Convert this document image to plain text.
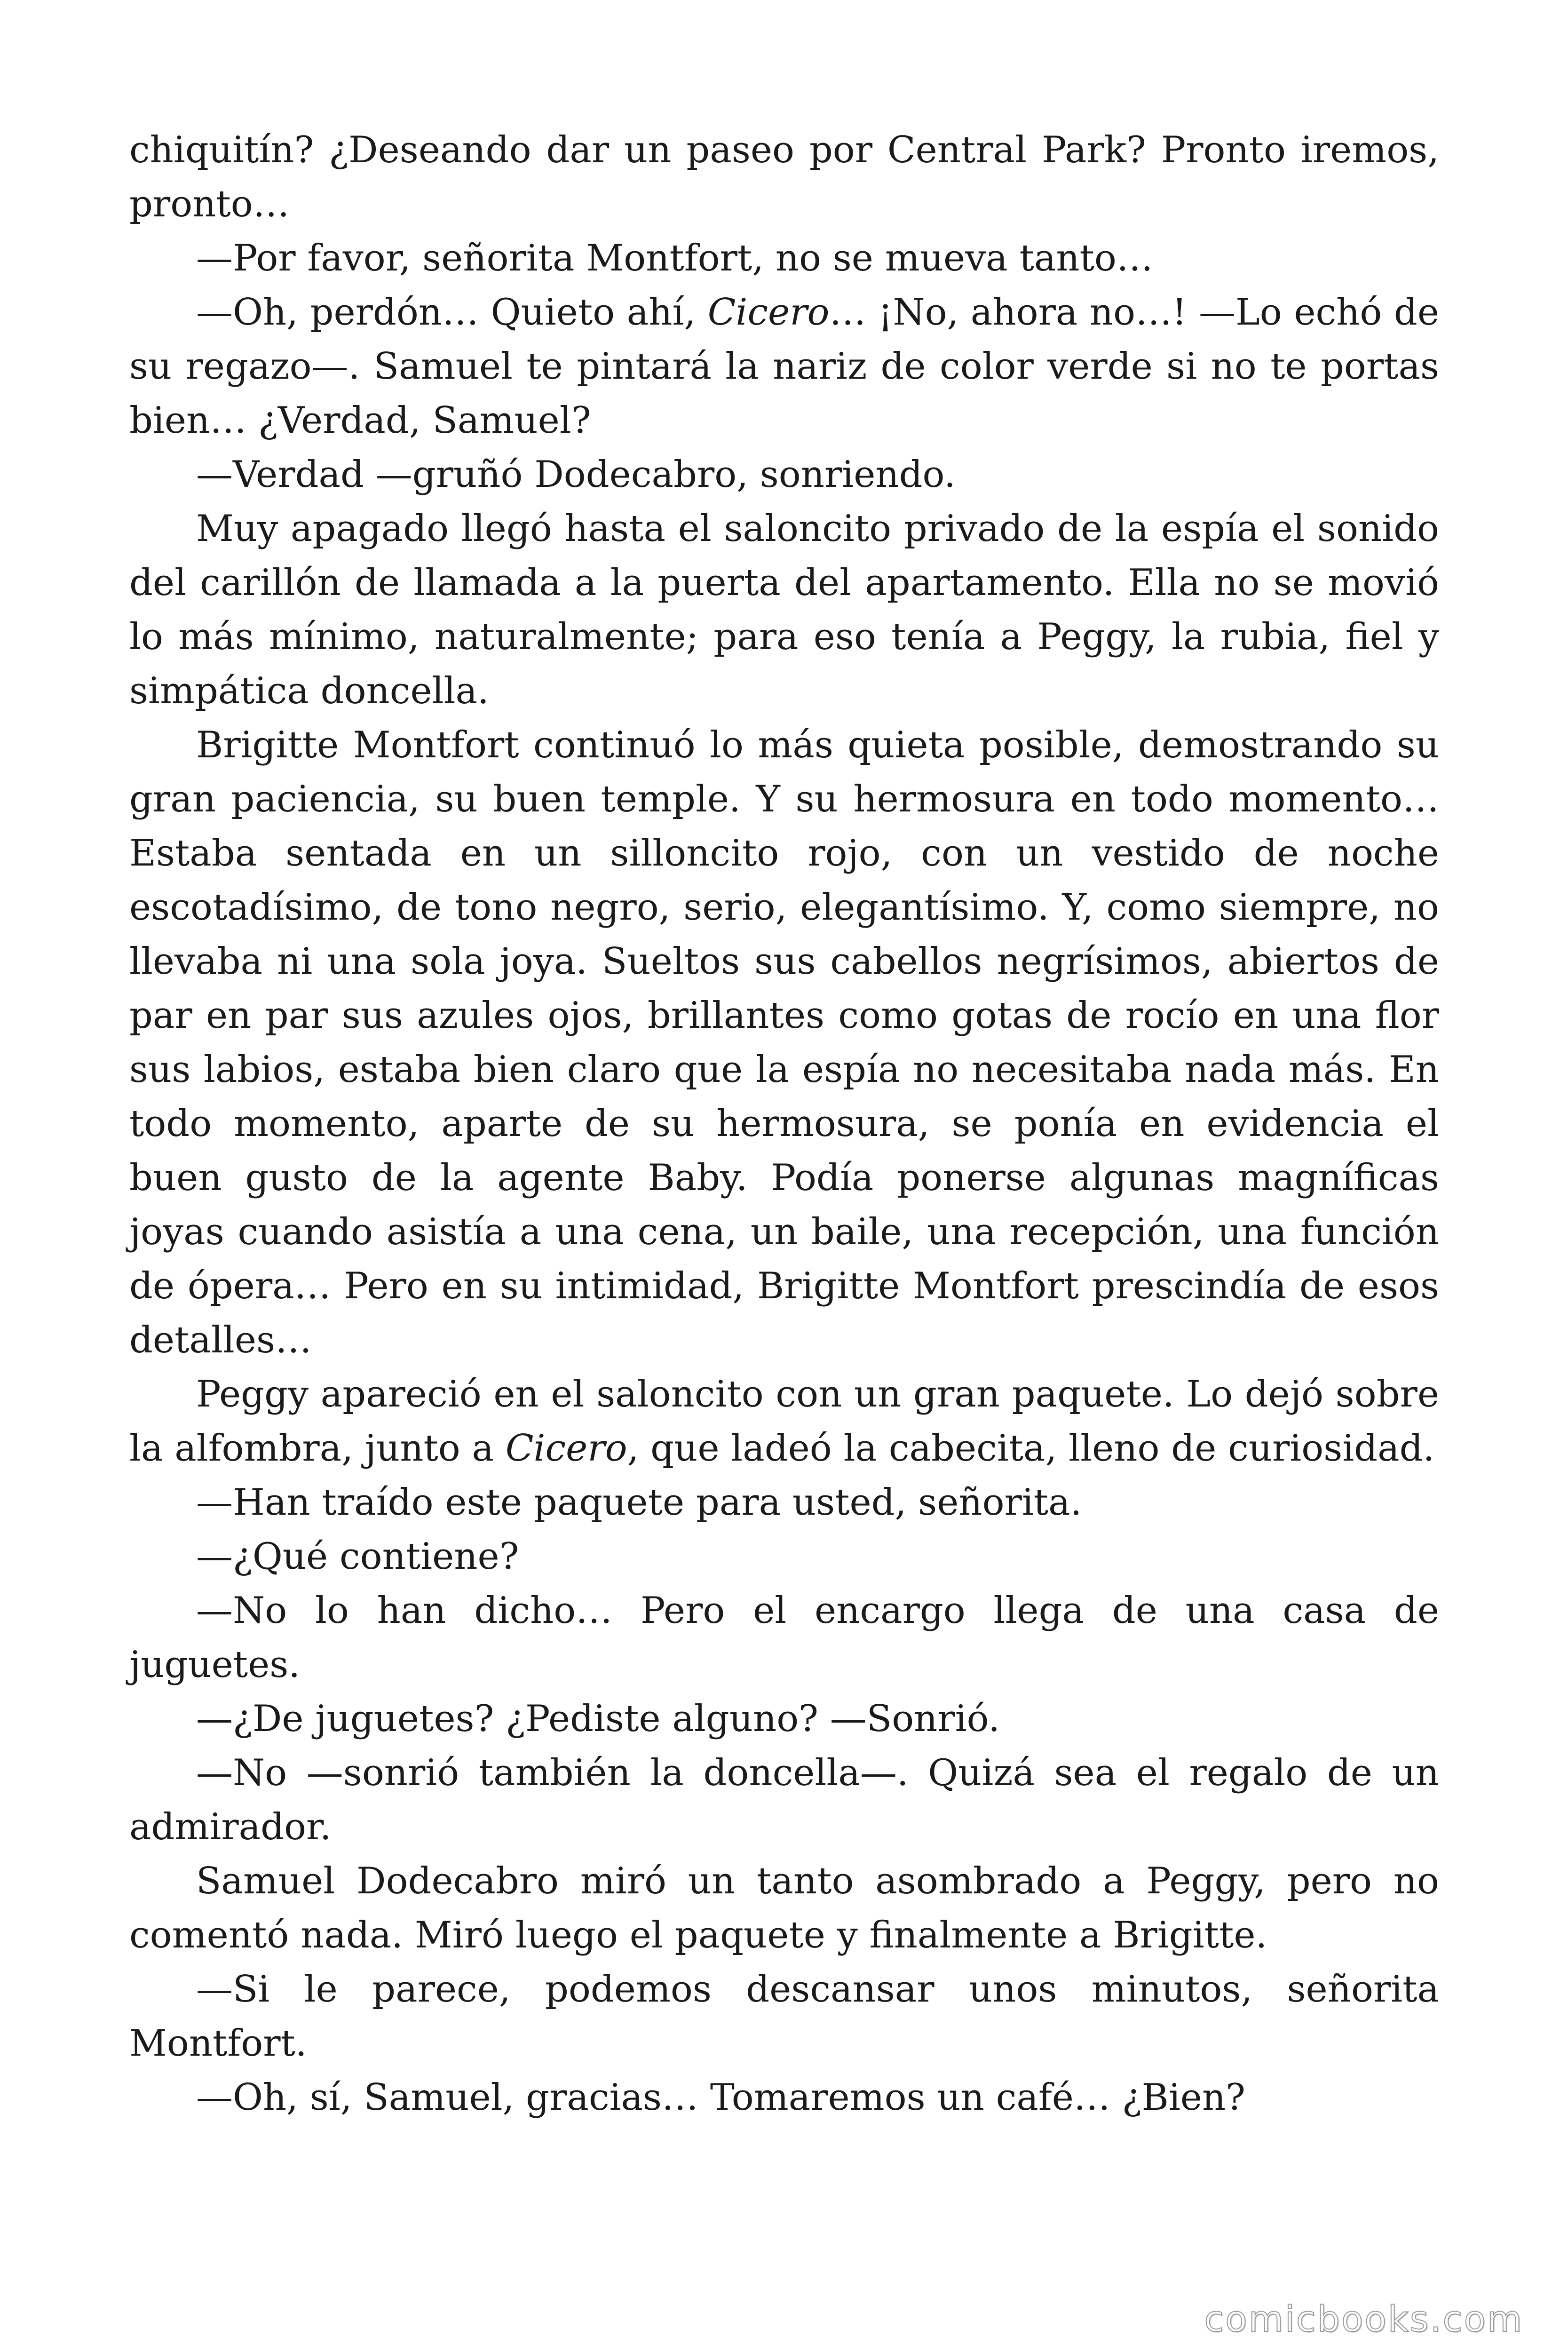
chiquitín? ¿Deseando dar un paseo por Central Park? Pronto iremos, pronto…

—Por favor, señorita Montfort, no se mueva tanto…

—Oh, perdón… Quieto ahí, Cicero… ¡No, ahora no…! —Lo echó de su regazo—. Samuel te pintará la nariz de color verde si no te portas bien… ¿Verdad, Samuel?

—Verdad —gruñó Dodecabro, sonriendo.

Muy apagado llegó hasta el saloncito privado de la espía el sonido del carillón de llamada a la puerta del apartamento. Ella no se movió lo más mínimo, naturalmente; para eso tenía a Peggy, la rubia, fiel y simpática doncella.

Brigitte Montfort continuó lo más quieta posible, demostrando su gran paciencia, su buen temple. Y su hermosura en todo momento… Estaba sentada en un silloncito rojo, con un vestido de noche escotadísimo, de tono negro, serio, elegantísimo. Y, como siempre, no llevaba ni una sola joya. Sueltos sus cabellos negrísimos, abiertos de par en par sus azules ojos, brillantes como gotas de rocío en una flor sus labios, estaba bien claro que la espía no necesitaba nada más. En todo momento, aparte de su hermosura, se ponía en evidencia el buen gusto de la agente Baby. Podía ponerse algunas magníficas joyas cuando asistía a una cena, un baile, una recepción, una función de ópera… Pero en su intimidad, Brigitte Montfort prescindía de esos detalles…

Peggy apareció en el saloncito con un gran paquete. Lo dejó sobre la alfombra, junto a Cicero, que ladeó la cabecita, lleno de curiosidad.

—Han traído este paquete para usted, señorita.

—¿Qué contiene?

—No lo han dicho… Pero el encargo llega de una casa de juguetes.

—¿De juguetes? ¿Pediste alguno? —Sonrió.

—No —sonrió también la doncella—. Quizá sea el regalo de un admirador.

Samuel Dodecabro miró un tanto asombrado a Peggy, pero no comentó nada. Miró luego el paquete y finalmente a Brigitte.

—Si le parece, podemos descansar unos minutos, señorita Montfort.

—Oh, sí, Samuel, gracias… Tomaremos un café… ¿Bien?

comicbooks.com
